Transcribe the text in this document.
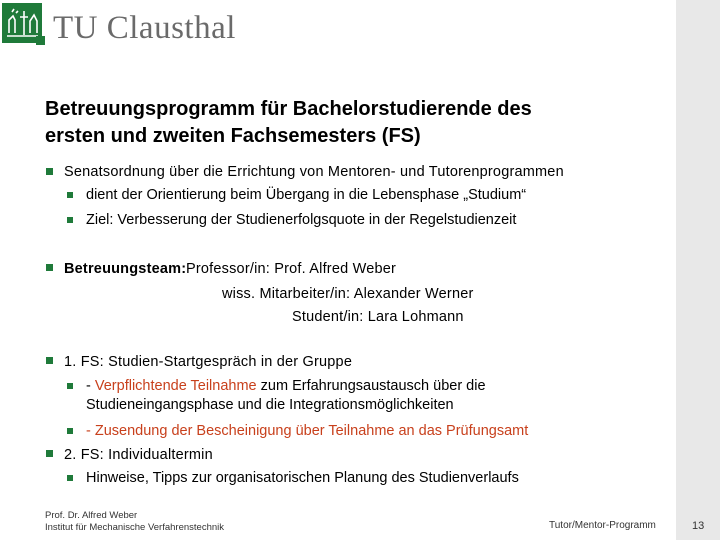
TU Clausthal
Betreuungsprogramm für Bachelorstudierende des
ersten und zweiten Fachsemesters (FS)
Senatsordnung über die Errichtung von Mentoren- und Tutorenprogrammen
dient der Orientierung beim Übergang in die Lebensphase „Studium“
Ziel: Verbesserung der Studienerfolgsquote in der Regelstudienzeit
Betreuungsteam: Professor/in: Prof. Alfred Weber
wiss. Mitarbeiter/in: Alexander Werner
Student/in: Lara Lohmann
1. FS: Studien-Startgespräch in der Gruppe
- Verpflichtende Teilnahme zum Erfahrungsaustausch über die
Studieneingangsphase und die Integrationsmöglichkeiten
- Zusendung der Bescheinigung über Teilnahme an das Prüfungsamt
2. FS: Individualtermin
Hinweise, Tipps zur organisatorischen Planung des Studienverlaufs
Prof. Dr. Alfred Weber
Institut für Mechanische Verfahrenstechnik	Tutor/Mentor-Programm	13
